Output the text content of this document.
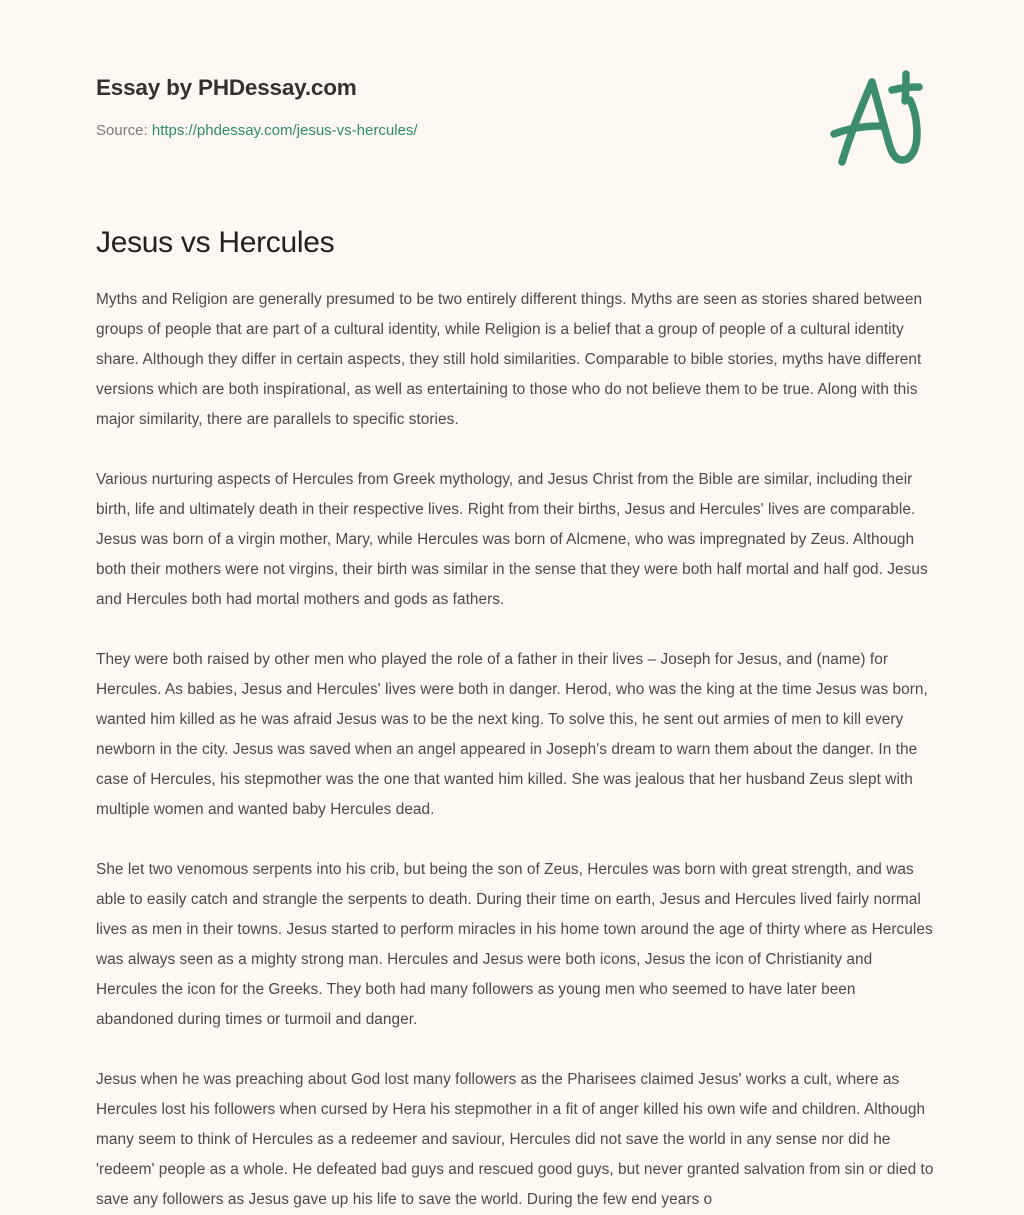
Essay by PHDessay.com
Source: https://phdessay.com/jesus-vs-hercules/
Jesus vs Hercules

Myths and Religion are generally presumed to be two entirely different things. Myths are seen as stories shared between groups of people that are part of a cultural identity, while Religion is a belief that a group of people of a cultural identity share. Although they differ in certain aspects, they still hold similarities. Comparable to bible stories, myths have different versions which are both inspirational, as well as entertaining to those who do not believe them to be true. Along with this major similarity, there are parallels to specific stories.

Various nurturing aspects of Hercules from Greek mythology, and Jesus Christ from the Bible are similar, including their birth, life and ultimately death in their respective lives. Right from their births, Jesus and Hercules' lives are comparable. Jesus was born of a virgin mother, Mary, while Hercules was born of Alcmene, who was impregnated by Zeus. Although both their mothers were not virgins, their birth was similar in the sense that they were both half mortal and half god. Jesus and Hercules both had mortal mothers and gods as fathers.

They were both raised by other men who played the role of a father in their lives – Joseph for Jesus, and (name) for Hercules. As babies, Jesus and Hercules' lives were both in danger. Herod, who was the king at the time Jesus was born, wanted him killed as he was afraid Jesus was to be the next king. To solve this, he sent out armies of men to kill every newborn in the city. Jesus was saved when an angel appeared in Joseph's dream to warn them about the danger. In the case of Hercules, his stepmother was the one that wanted him killed. She was jealous that her husband Zeus slept with multiple women and wanted baby Hercules dead.

She let two venomous serpents into his crib, but being the son of Zeus, Hercules was born with great strength, and was able to easily catch and strangle the serpents to death. During their time on earth, Jesus and Hercules lived fairly normal lives as men in their towns. Jesus started to perform miracles in his home town around the age of thirty where as Hercules was always seen as a mighty strong man. Hercules and Jesus were both icons, Jesus the icon of Christianity and Hercules the icon for the Greeks. They both had many followers as young men who seemed to have later been abandoned during times or turmoil and danger.

Jesus when he was preaching about God lost many followers as the Pharisees claimed Jesus' works a cult, where as Hercules lost his followers when cursed by Hera his stepmother in a fit of anger killed his own wife and children. Although many seem to think of Hercules as a redeemer and saviour, Hercules did not save the world in any sense nor did he 'redeem' people as a whole. He defeated bad guys and rescued good guys, but never granted salvation from sin or died to save any followers as Jesus gave up his life to save the world. During the few end years o
